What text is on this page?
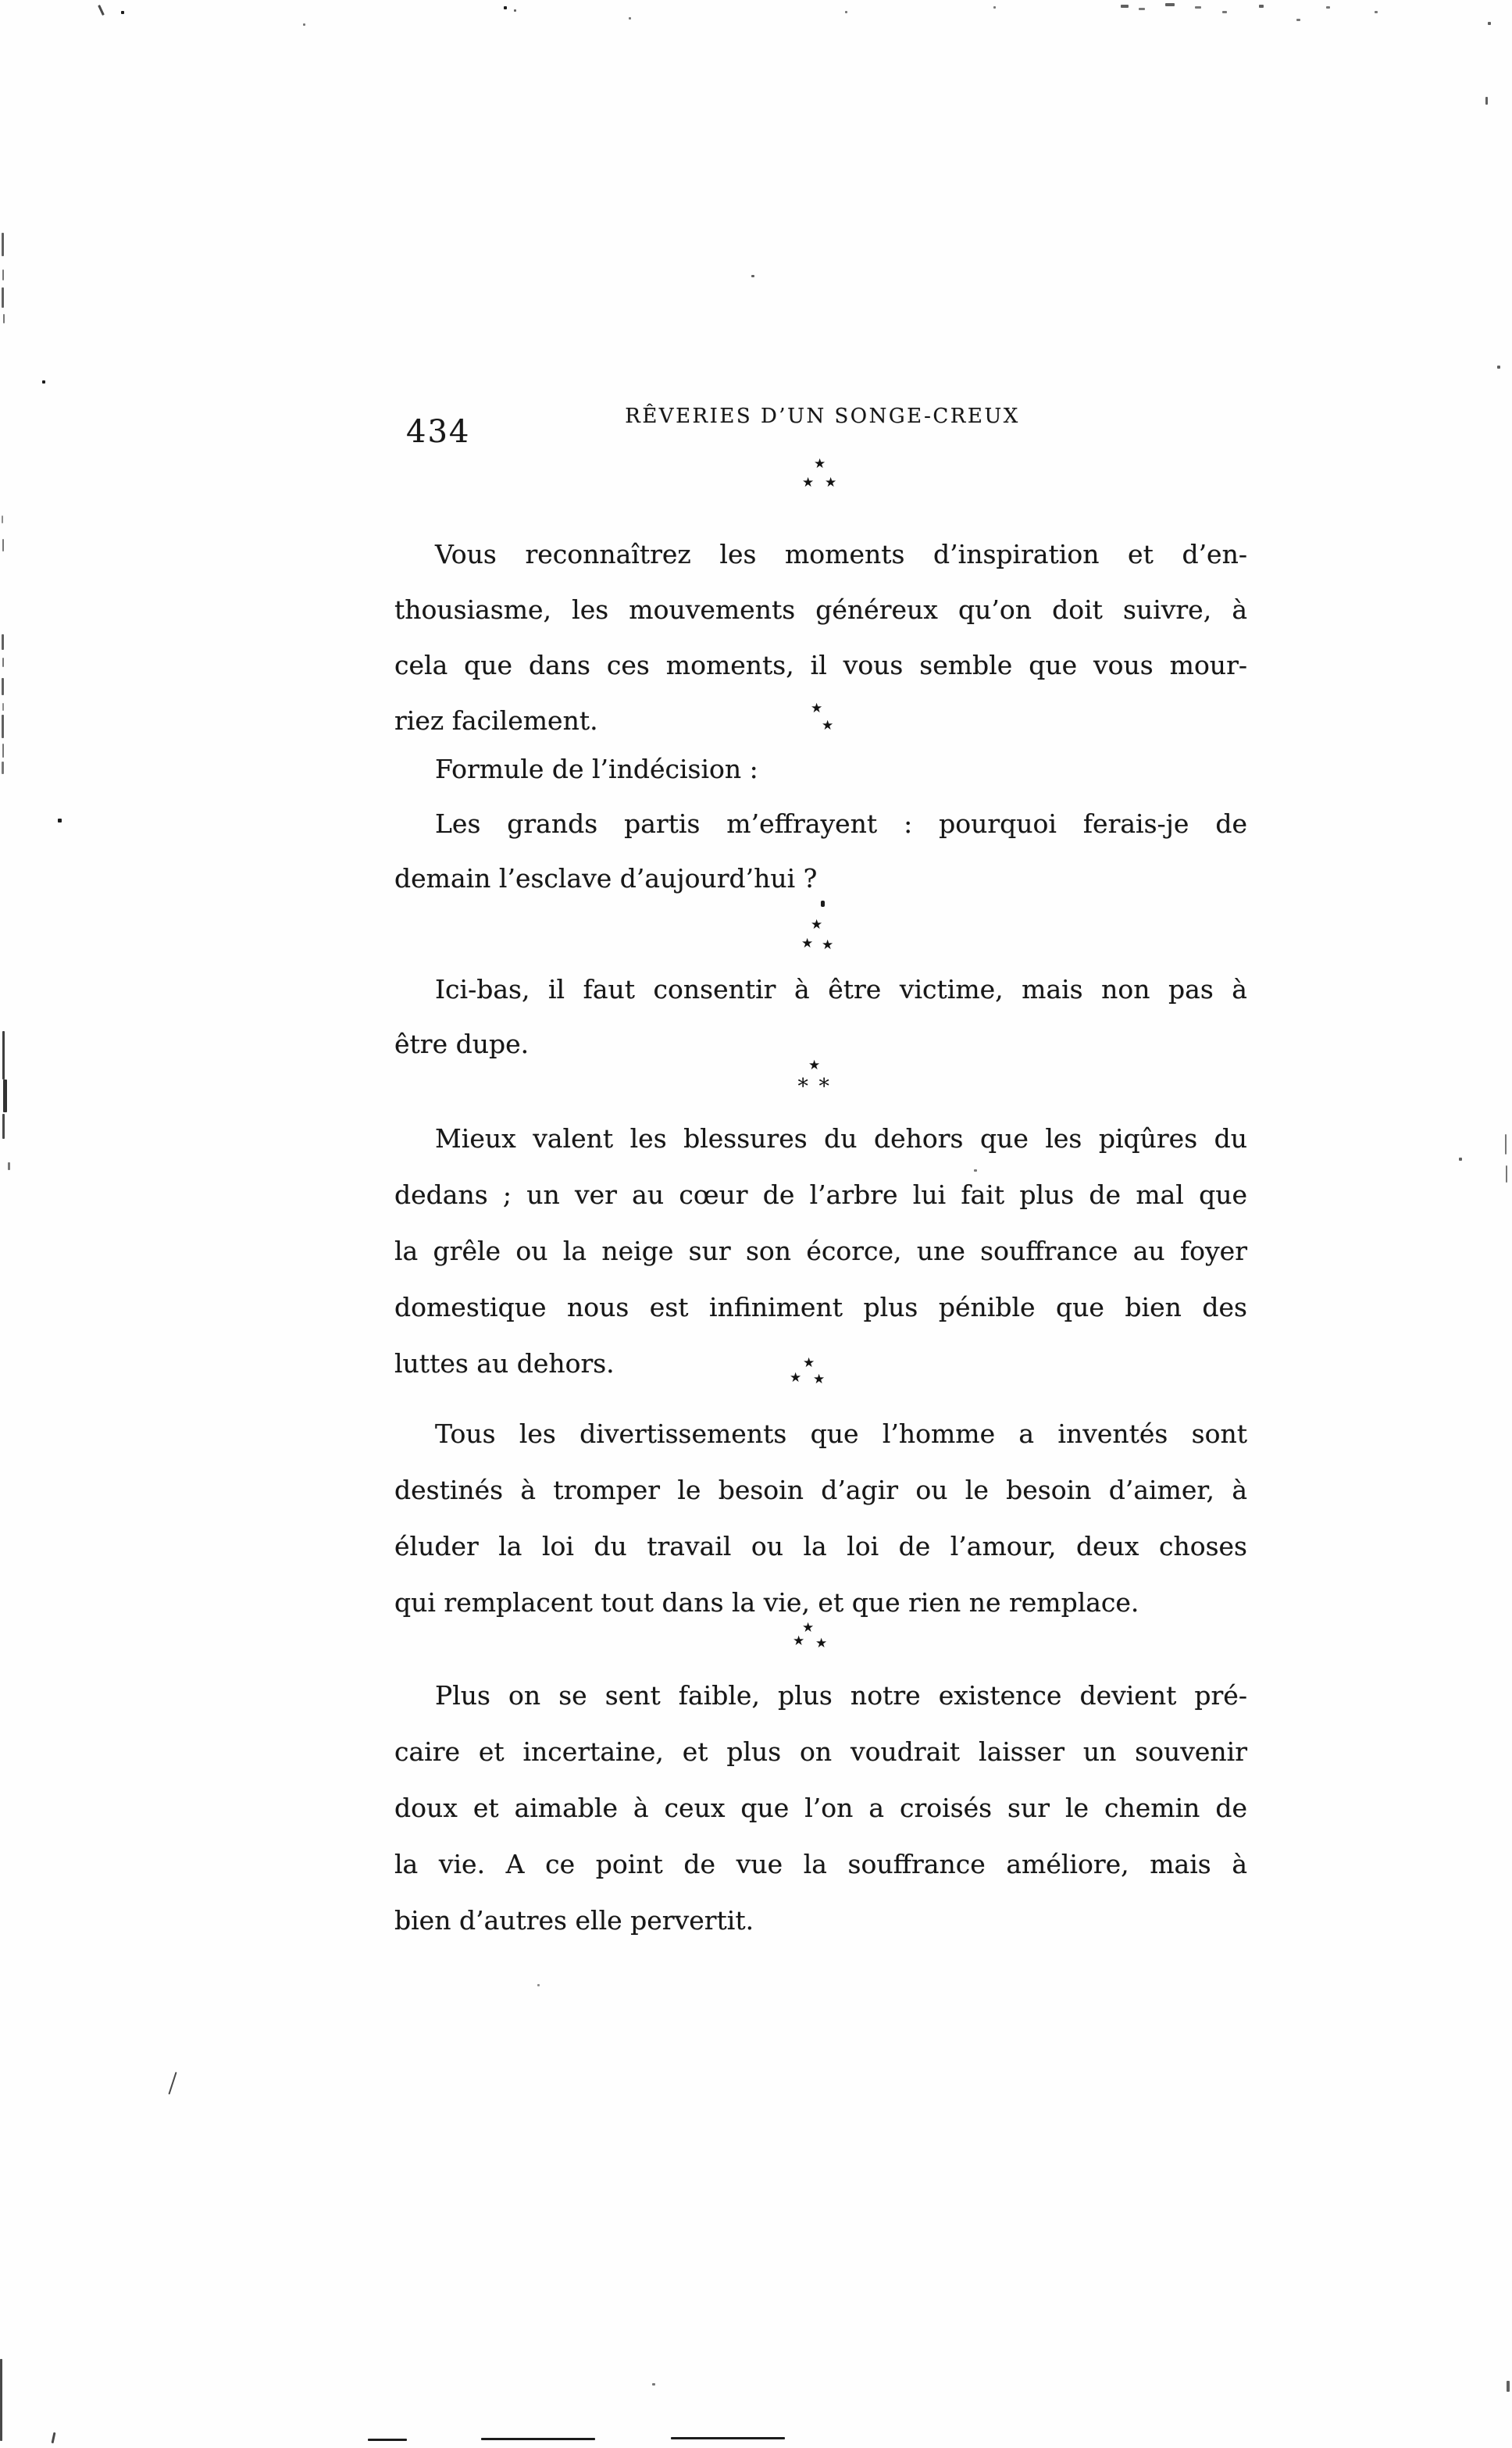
434	RÊVERIES D’UN SONGE-CREUX
★
★ ★
Vous reconnaîtrez les moments d’inspiration et d’en-
thousiasme, les mouvements généreux qu’on doit suivre, à
cela que dans ces moments, il vous semble que vous mour-
riez facilement.	★
★
Formule de l’indécision :
Les grands partis m’effrayent : pourquoi ferais-je de
demain l’esclave d’aujourd’hui ?
★
★ ★
Ici-bas, il faut consentir à être victime, mais non pas à
être dupe.
★
∗ ∗
Mieux valent les blessures du dehors que les piqûres du
dedans ; un ver au cœur de l’arbre lui fait plus de mal que
la grêle ou la neige sur son écorce, une souffrance au foyer
domestique nous est infiniment plus pénible que bien des
luttes au dehors.	★
★ ★
Tous les divertissements que l’homme a inventés sont
destinés à tromper le besoin d’agir ou le besoin d’aimer, à
éluder la loi du travail ou la loi de l’amour, deux choses
qui remplacent tout dans la vie, et que rien ne remplace.
★
★ ★
Plus on se sent faible, plus notre existence devient pré-
caire et incertaine, et plus on voudrait laisser un souvenir
doux et aimable à ceux que l’on a croisés sur le chemin de
la vie. A ce point de vue la souffrance améliore, mais à
bien d’autres elle pervertit.
